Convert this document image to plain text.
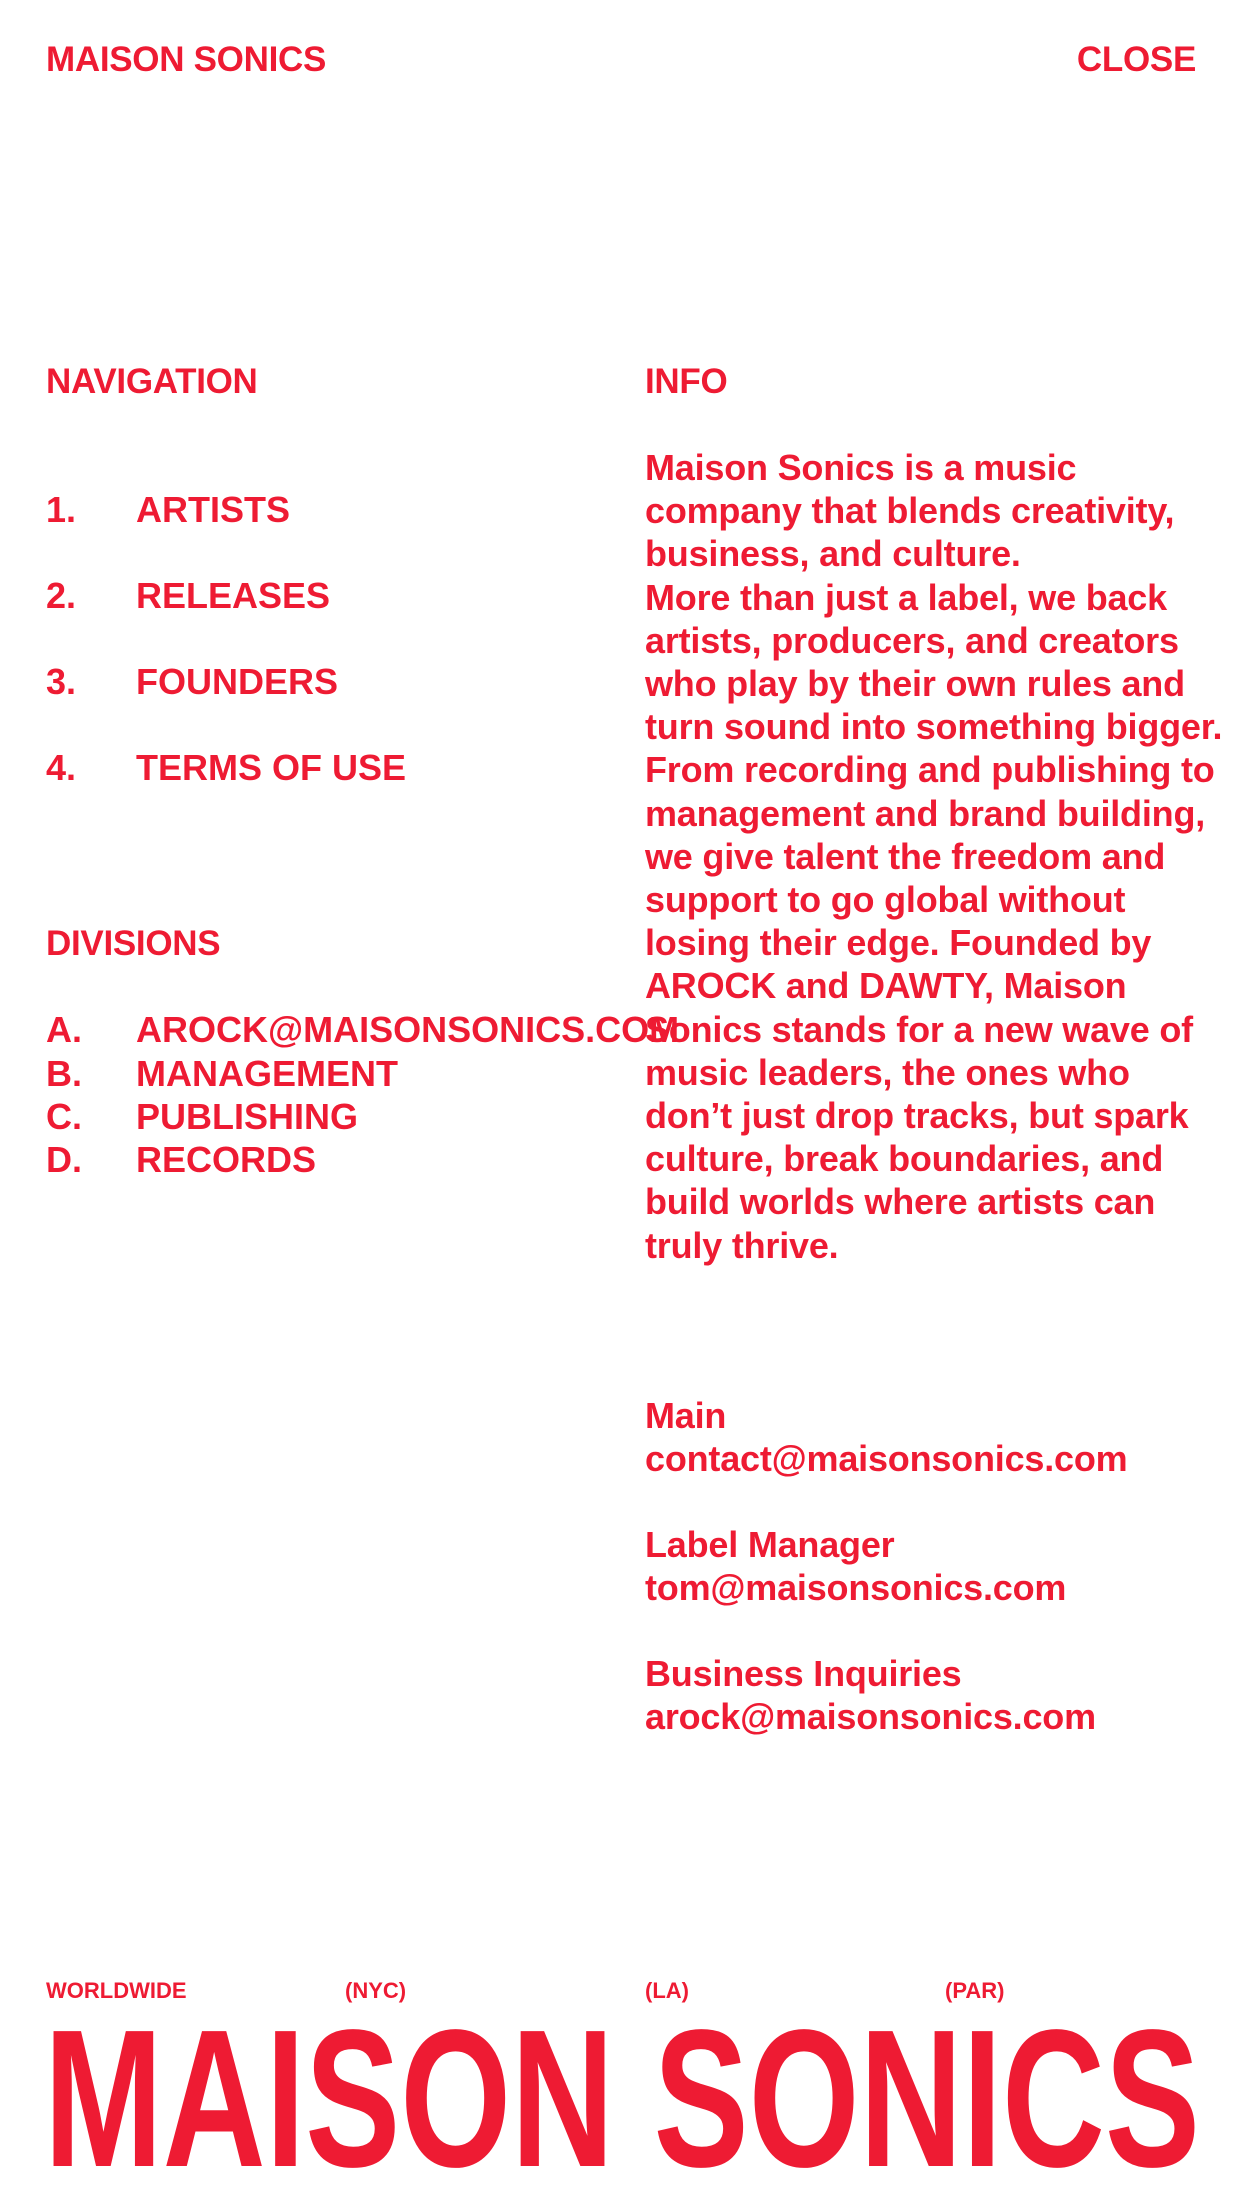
MAISON SONICS	CLOSE
NAVIGATION
1. ARTISTS
2. RELEASES
3. FOUNDERS
4. TERMS OF USE
DIVISIONS
A. AROCK@MAISONSONICS.COM
B. MANAGEMENT
C. PUBLISHING
D. RECORDS
INFO

Maison Sonics is a music company that blends creativity, business, and culture.

More than just a label, we back artists, producers, and creators who play by their own rules and turn sound into something bigger. From recording and publishing to management and brand building, we give talent the freedom and support to go global without losing their edge. Founded by AROCK and DAWTY, Maison Sonics stands for a new wave of music leaders, the ones who don’t just drop tracks, but spark culture, break boundaries, and build worlds where artists can truly thrive.

Main
contact@maisonsonics.com
Label Manager
tom@maisonsonics.com
Business Inquiries
arock@maisonsonics.com
WORLDWIDE	(NYC)	(LA)	(PAR)
MAISON SONICS
